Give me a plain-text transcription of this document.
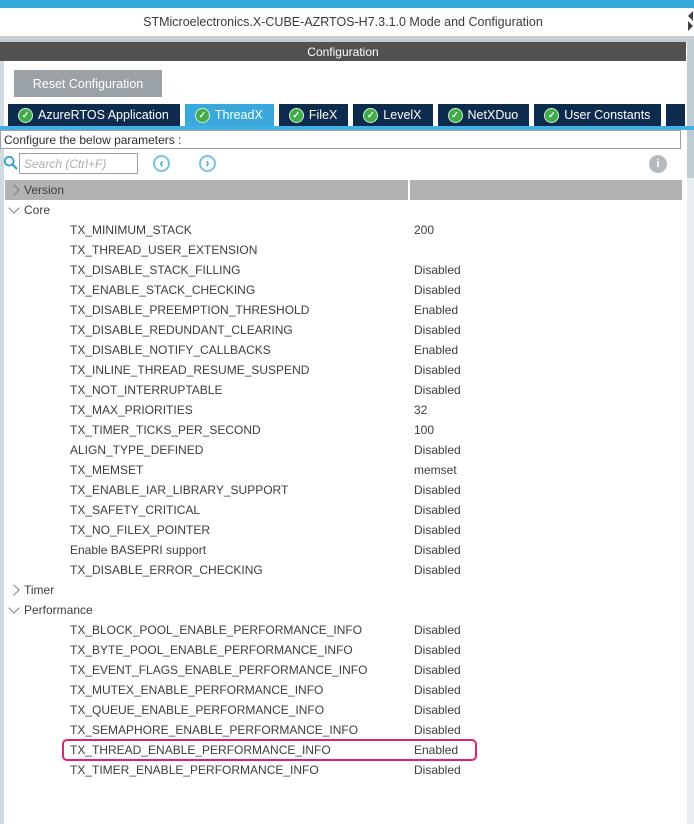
STMicroelectronics.X-CUBE-AZRTOS-H7.3.1.0 Mode and Configuration
Configuration
Reset Configuration
✓ AzureRTOS Application	✓ ThreadX	✓ FileX	✓ LevelX	✓ NetXDuo	✓ User Constants
Configure the below parameters :
Search (Ctrl+F)
‹	›	i
Version
Core
TX_MINIMUM_STACK	200
TX_THREAD_USER_EXTENSION
TX_DISABLE_STACK_FILLING	Disabled
TX_ENABLE_STACK_CHECKING	Disabled
TX_DISABLE_PREEMPTION_THRESHOLD	Enabled
TX_DISABLE_REDUNDANT_CLEARING	Disabled
TX_DISABLE_NOTIFY_CALLBACKS	Enabled
TX_INLINE_THREAD_RESUME_SUSPEND	Disabled
TX_NOT_INTERRUPTABLE	Disabled
TX_MAX_PRIORITIES	32
TX_TIMER_TICKS_PER_SECOND	100
ALIGN_TYPE_DEFINED	Disabled
TX_MEMSET	memset
TX_ENABLE_IAR_LIBRARY_SUPPORT	Disabled
TX_SAFETY_CRITICAL	Disabled
TX_NO_FILEX_POINTER	Disabled
Enable BASEPRI support	Disabled
TX_DISABLE_ERROR_CHECKING	Disabled
Timer
Performance
TX_BLOCK_POOL_ENABLE_PERFORMANCE_INFO	Disabled
TX_BYTE_POOL_ENABLE_PERFORMANCE_INFO	Disabled
TX_EVENT_FLAGS_ENABLE_PERFORMANCE_INFO	Disabled
TX_MUTEX_ENABLE_PERFORMANCE_INFO	Disabled
TX_QUEUE_ENABLE_PERFORMANCE_INFO	Disabled
TX_SEMAPHORE_ENABLE_PERFORMANCE_INFO	Disabled
TX_THREAD_ENABLE_PERFORMANCE_INFO	Enabled
TX_TIMER_ENABLE_PERFORMANCE_INFO	Disabled
